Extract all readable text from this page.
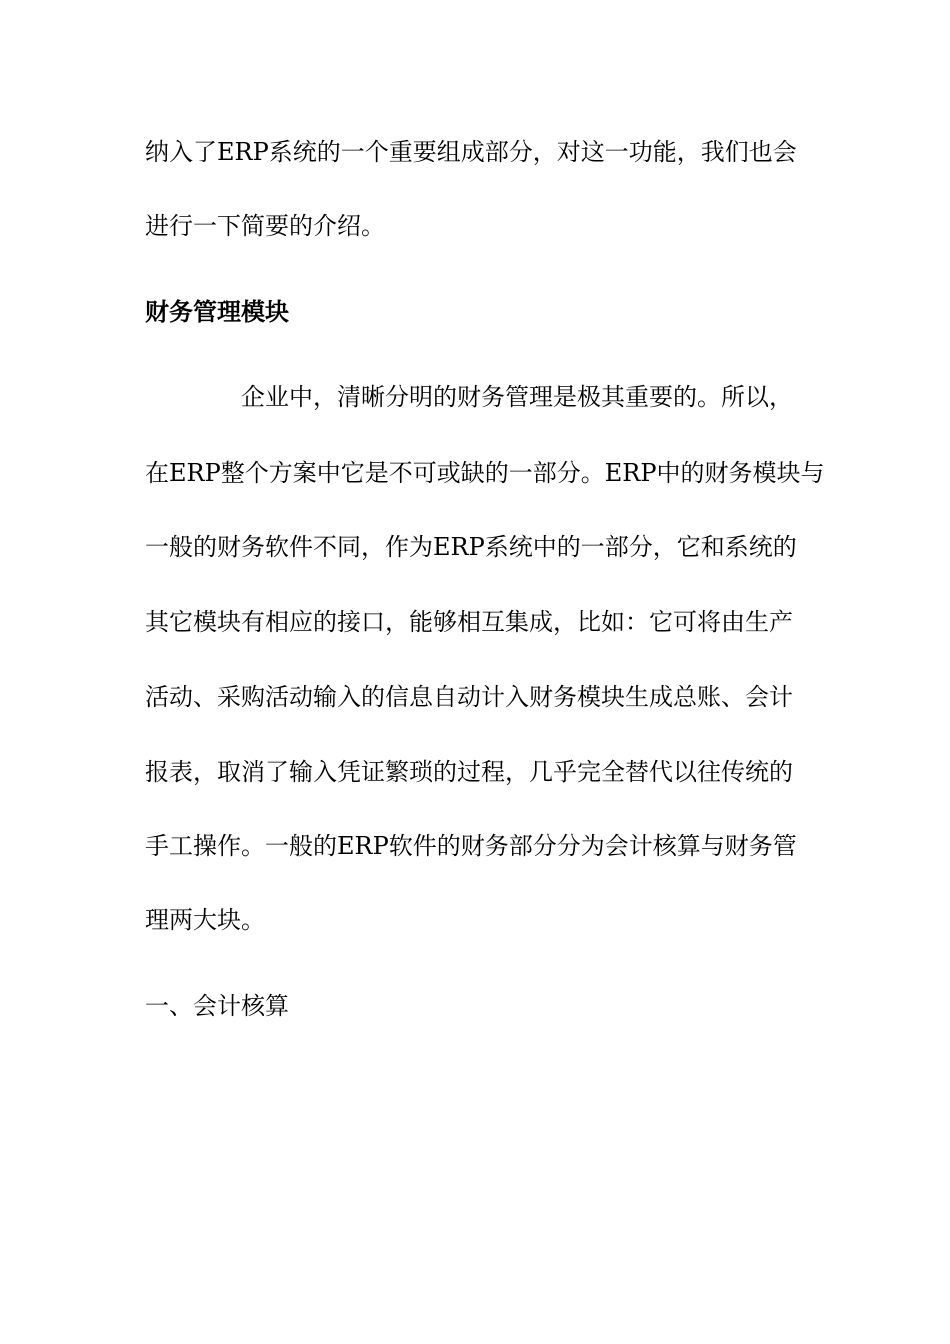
纳入了ERP系统的一个重要组成部分，对这一功能，我们也会
进行一下简要的介绍。
财务管理模块
企业中，清晰分明的财务管理是极其重要的。所以，
在ERP整个方案中它是不可或缺的一部分。ERP中的财务模块与
一般的财务软件不同，作为ERP系统中的一部分，它和系统的
其它模块有相应的接口，能够相互集成，比如：它可将由生产
活动、采购活动输入的信息自动计入财务模块生成总账、会计
报表，取消了输入凭证繁琐的过程，几乎完全替代以往传统的
手工操作。一般的ERP软件的财务部分分为会计核算与财务管
理两大块。
一、会计核算
